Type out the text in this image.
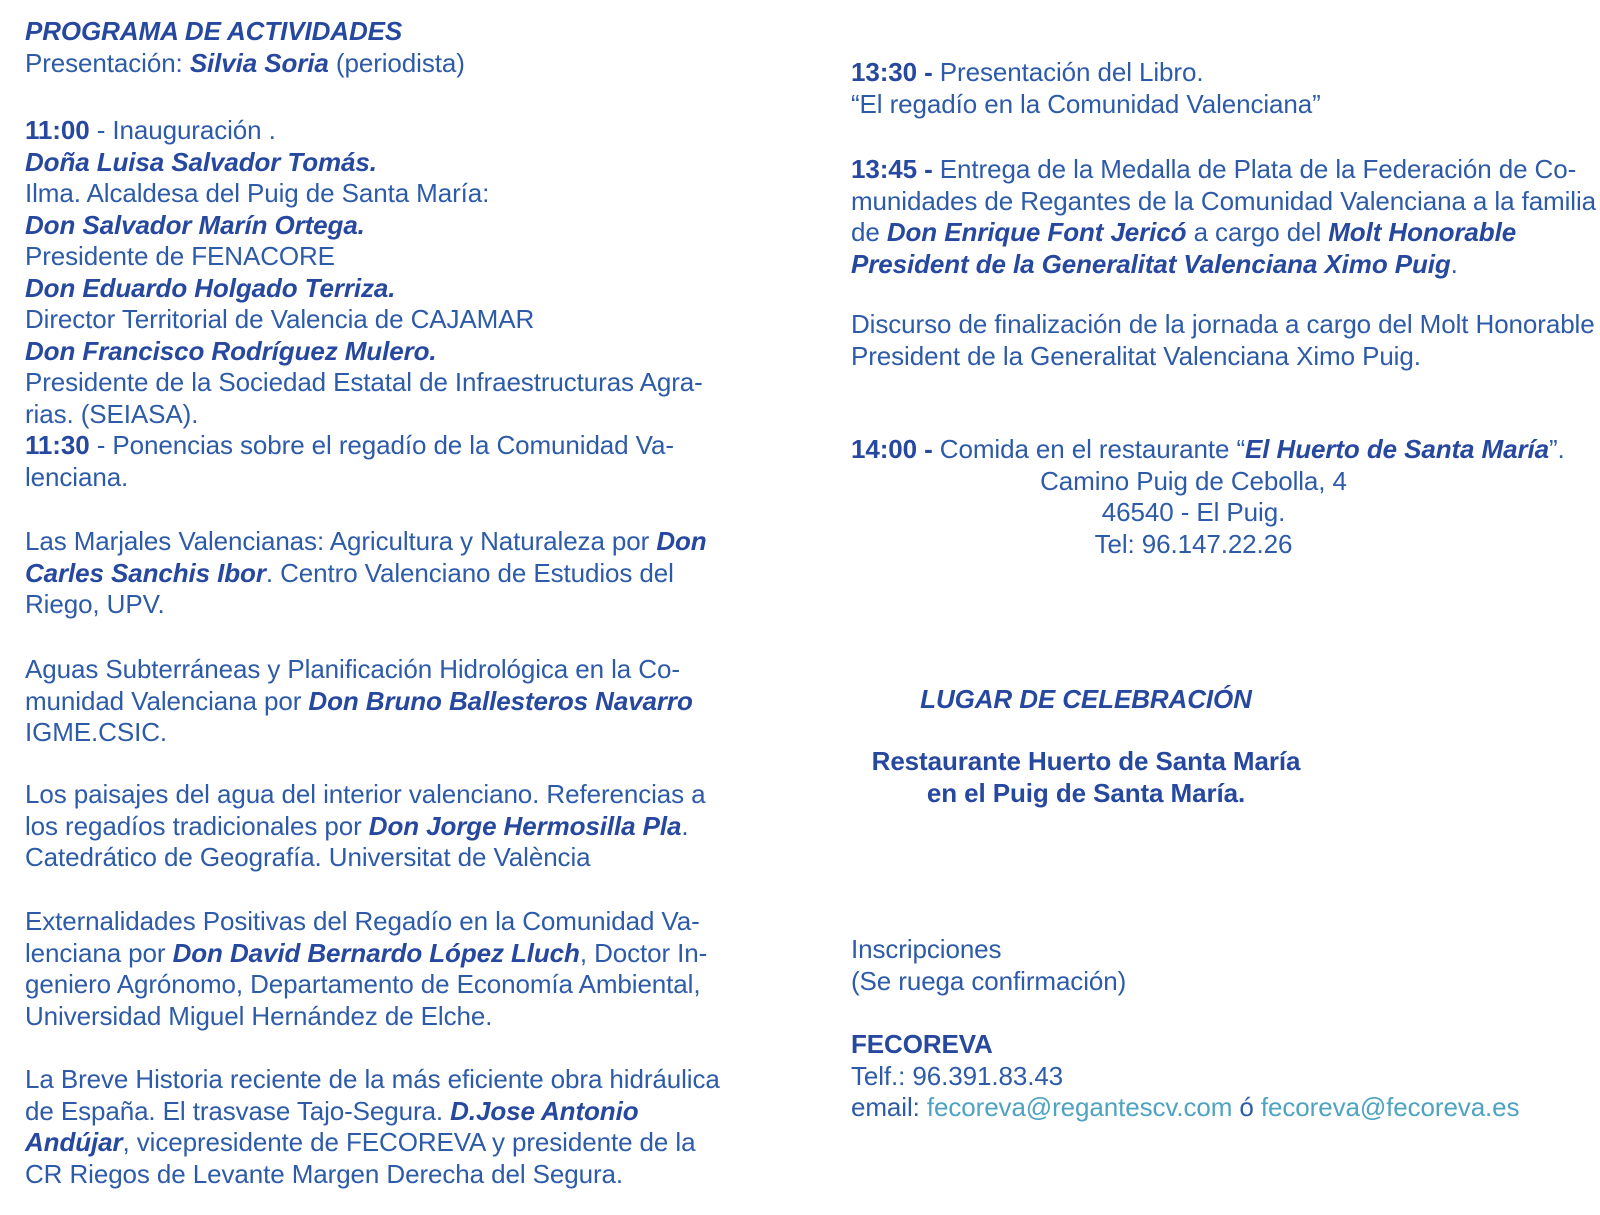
PROGRAMA DE ACTIVIDADES
Presentación: Silvia Soria (periodista)
11:00 - Inauguración .
Doña Luisa Salvador Tomás.
Ilma. Alcaldesa del Puig de Santa María:
Don Salvador Marín Ortega.
Presidente de FENACORE
Don Eduardo Holgado Terriza.
Director Territorial de Valencia de CAJAMAR
Don Francisco Rodríguez Mulero.
Presidente de la Sociedad Estatal de Infraestructuras Agrarias. (SEIASA).
11:30 - Ponencias sobre el regadío de la Comunidad Valenciana.
Las Marjales Valencianas: Agricultura y Naturaleza por Don Carles Sanchis Ibor. Centro Valenciano de Estudios del Riego, UPV.
Aguas Subterráneas y Planificación Hidrológica en la Comunidad Valenciana por Don Bruno Ballesteros Navarro IGME.CSIC.
Los paisajes del agua del interior valenciano. Referencias a los regadíos tradicionales por Don Jorge Hermosilla Pla. Catedrático de Geografía. Universitat de València
Externalidades Positivas del Regadío en la Comunidad Valenciana por Don David Bernardo López Lluch, Doctor Ingeniero Agrónomo, Departamento de Economía Ambiental, Universidad Miguel Hernández de Elche.
La Breve Historia reciente de la más eficiente obra hidráulica de España. El trasvase Tajo-Segura. D.Jose Antonio Andújar, vicepresidente de FECOREVA y presidente de la CR Riegos de Levante Margen Derecha del Segura.
13:30 - Presentación del Libro.
“El regadío en la Comunidad Valenciana”
13:45 - Entrega de la Medalla de Plata de la Federación de Comunidades de Regantes de la Comunidad Valenciana a la familia de Don Enrique Font Jericó a cargo del Molt Honorable President de la Generalitat Valenciana Ximo Puig.
Discurso de finalización de la jornada a cargo del Molt Honorable President de la Generalitat Valenciana Ximo Puig.
14:00 - Comida en el restaurante “El Huerto de Santa María”.
Camino Puig de Cebolla, 4
46540 - El Puig.
Tel: 96.147.22.26
LUGAR DE CELEBRACIÓN
Restaurante Huerto de Santa María
en el Puig de Santa María.
Inscripciones
(Se ruega confirmación)
FECOREVA
Telf.: 96.391.83.43
email: fecoreva@regantescv.com ó fecoreva@fecoreva.es
